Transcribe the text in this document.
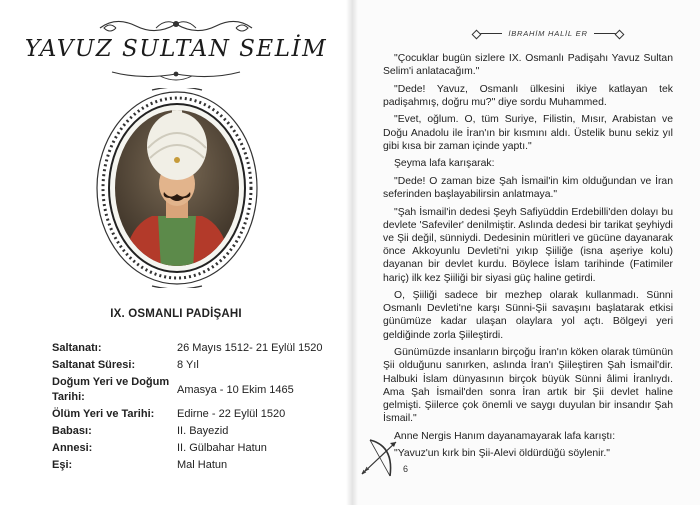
YAVUZ SULTAN SELİM
IX. OSMANLI PADİŞAHI
Saltanatı:	26 Mayıs 1512- 21 Eylül 1520
Saltanat Süresi:	8 Yıl
Doğum Yeri ve Doğum Tarihi:
Amasya - 10 Ekim 1465
Ölüm Yeri ve Tarihi:	Edirne - 22 Eylül 1520
Babası:	II. Bayezid
Annesi:	II. Gülbahar Hatun
Eşi:	Mal Hatun
İBRAHİM HALİL ER

"Çocuklar bugün sizlere IX. Osmanlı Padişahı Yavuz Sultan Selim'i anlatacağım."

"Dede! Yavuz, Osmanlı ülkesini ikiye katlayan tek padişahmış, doğru mu?" diye sordu Muhammed.

"Evet, oğlum. O, tüm Suriye, Filistin, Mısır, Arabistan ve Doğu Anadolu ile İran'ın bir kısmını aldı. Üstelik bunu sekiz yıl gibi kısa bir zaman içinde yaptı."

Şeyma lafa karışarak:

"Dede! O zaman bize Şah İsmail'in kim olduğundan ve İran seferinden başlayabilirsin anlatmaya."

"Şah İsmail'in dedesi Şeyh Safiyüddin Erdebilli'den dolayı bu devlete 'Safeviler' denilmiştir. Aslında dedesi bir tarikat şeyhiydi ve Şii değil, sünniydi. Dedesinin müritleri ve gücüne dayanarak önce Akkoyunlu Devleti'ni yıkıp Şiiliğe (isna aşeriye kolu) dayanan bir devlet kurdu. Böylece İslam tarihinde (Fatimiler hariç) ilk kez Şiiliği bir siyasi güç haline getirdi.

O, Şiiliği sadece bir mezhep olarak kullanmadı. Sünni Osmanlı Devleti'ne karşı Sünni-Şii savaşını başlatarak etkisi günümüze kadar ulaşan olaylara yol açtı. Bölgeyi yeri geldiğinde zorla Şiileştirdi.

Günümüzde insanların birçoğu İran'ın köken olarak tümünün Şii olduğunu sanırken, aslında İran'ı Şiileştiren Şah İsmail'dir. Halbuki İslam dünyasının birçok büyük Sünni âlimi İranlıydı. Ama Şah İsmail'den sonra İran artık bir Şii devlet haline gelmişti. Şiilerce çok önemli ve saygı duyulan bir insandır Şah İsmail."

Anne Nergis Hanım dayanamayarak lafa karıştı:

"Yavuz'un kırk bin Şii-Alevi öldürdüğü söylenir."

6
